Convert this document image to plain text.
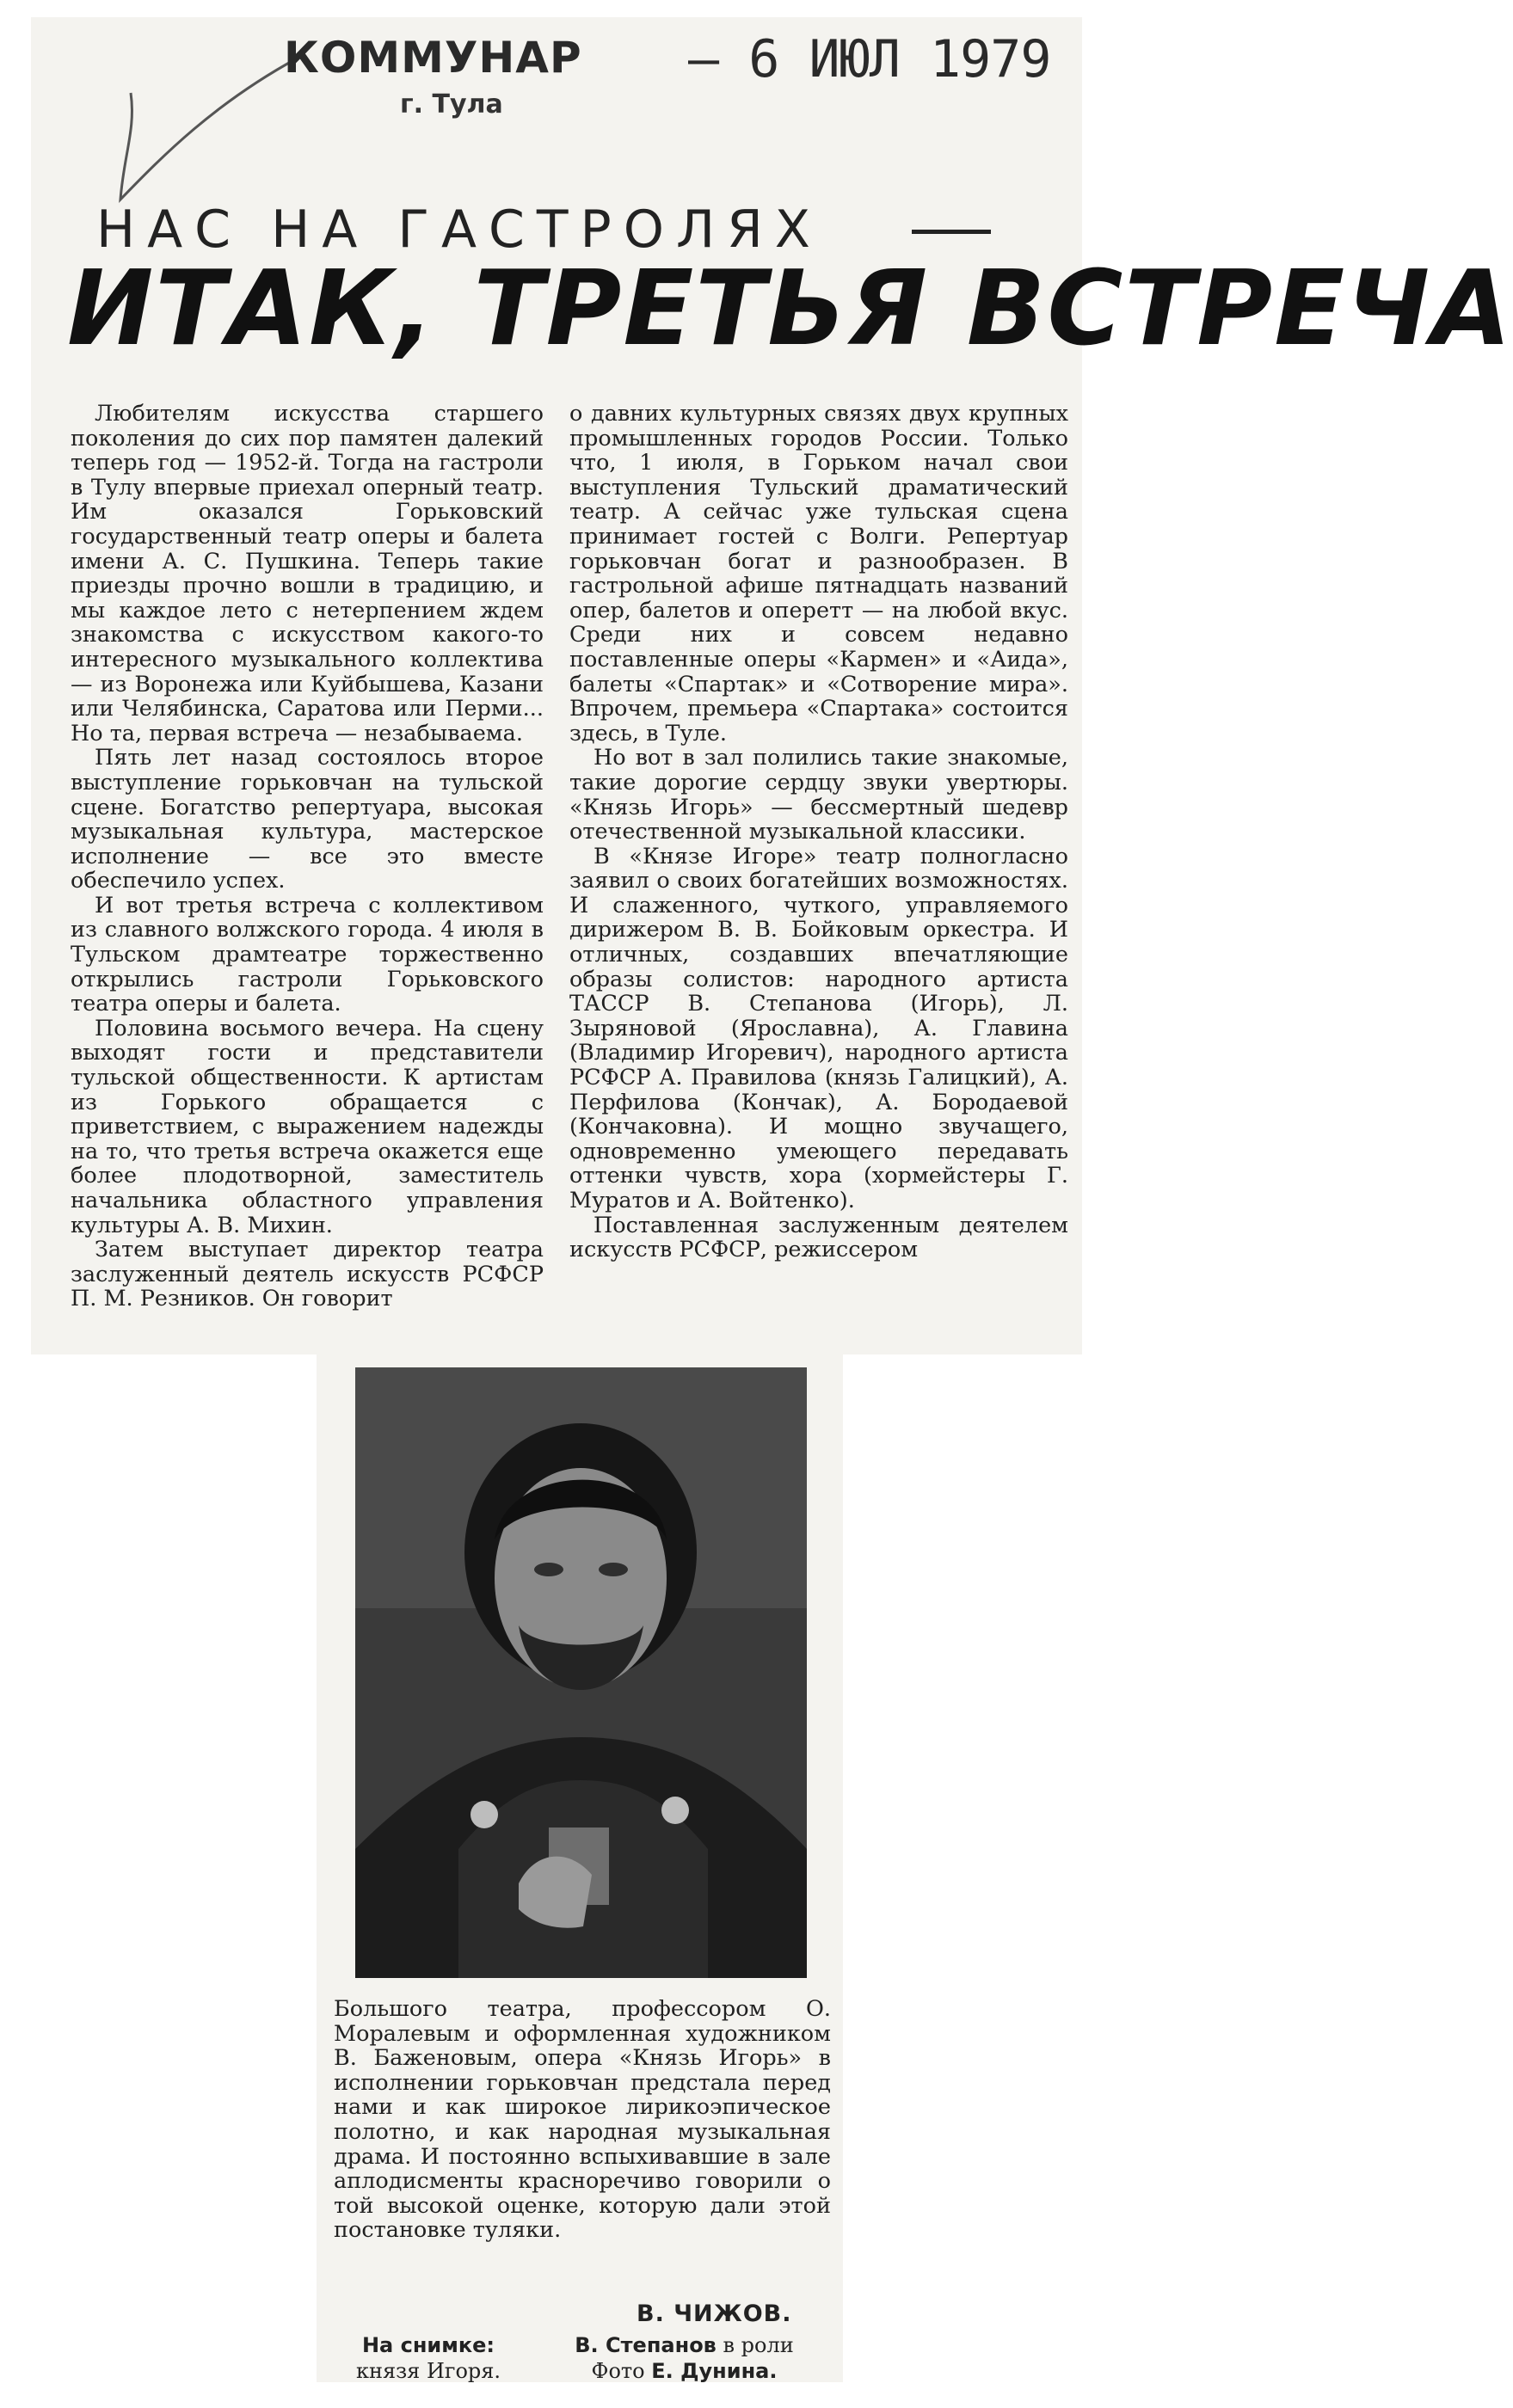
КОММУНАР
г. Тула
– 6 ИЮЛ 1979
НАС НА ГАСТРОЛЯХ
ИТАК, ТРЕТЬЯ ВСТРЕЧА

Любителям искусства старшего поколения до сих пор памятен далекий теперь год — 1952-й. Тогда на гастроли в Тулу впервые приехал оперный театр. Им оказался Горьковский государственный театр оперы и балета имени А. С. Пушкина. Теперь такие приезды прочно вошли в традицию, и мы каждое лето с нетерпением ждем знакомства с искусством какого-то интересного музыкального коллектива — из Воронежа или Куйбышева, Казани или Челябинска, Саратова или Перми... Но та, первая встреча — незабываема.

Пять лет назад состоялось второе выступление горьковчан на тульской сцене. Богатство репертуара, высокая музыкальная культура, мастерское исполнение — все это вместе обеспечило успех.

И вот третья встреча с коллективом из славного волжского города. 4 июля в Тульском драмтеатре торжественно открылись гастроли Горьковского театра оперы и балета.

Половина восьмого вечера. На сцену выходят гости и представители тульской общественности. К артистам из Горького обращается с приветствием, с выражением надежды на то, что третья встреча окажется еще более плодотворной, заместитель начальника областного управления культуры А. В. Михин.

Затем выступает директор театра заслуженный деятель искусств РСФСР П. М. Резников. Он говорит

о давних культурных связях двух крупных промышленных городов России. Только что, 1 июля, в Горьком начал свои выступления Тульский драматический театр. А сейчас уже тульская сцена принимает гостей с Волги. Репертуар горьковчан богат и разнообразен. В гастрольной афише пятнадцать названий опер, балетов и оперетт — на любой вкус. Среди них и совсем недавно поставленные оперы «Кармен» и «Аида», балеты «Спартак» и «Сотворение мира». Впрочем, премьера «Спартака» состоится здесь, в Туле.

Но вот в зал полились такие знакомые, такие дорогие сердцу звуки увертюры. «Князь Игорь» — бессмертный шедевр отечественной музыкальной классики.

В «Князе Игоре» театр полногласно заявил о своих богатейших возможностях. И слаженного, чуткого, управляемого дирижером В. В. Бойковым оркестра. И отличных, создавших впечатляющие образы солистов: народного артиста ТАССР В. Степанова (Игорь), Л. Зыряновой (Ярославна), А. Главина (Владимир Игоревич), народного артиста РСФСР А. Правилова (князь Галицкий), А. Перфилова (Кончак), А. Бородаевой (Кончаковна). И мощно звучащего, одновременно умеющего передавать оттенки чувств, хора (хормейстеры Г. Муратов и А. Войтенко).

Поставленная заслуженным деятелем искусств РСФСР, режиссером

Большого театра, профессором О. Моралевым и оформленная художником В. Баженовым, опера «Князь Игорь» в исполнении горьковчан предстала перед нами и как широкое лирикоэпическое полотно, и как народная музыкальная драма. И постоянно вспыхивавшие в зале аплодисменты красноречиво говорили о той высокой оценке, которую дали этой постановке туляки.

В. ЧИЖОВ.
На снимке:
князя Игоря.
В. Степанов в роли
Фото Е. Дунина.
